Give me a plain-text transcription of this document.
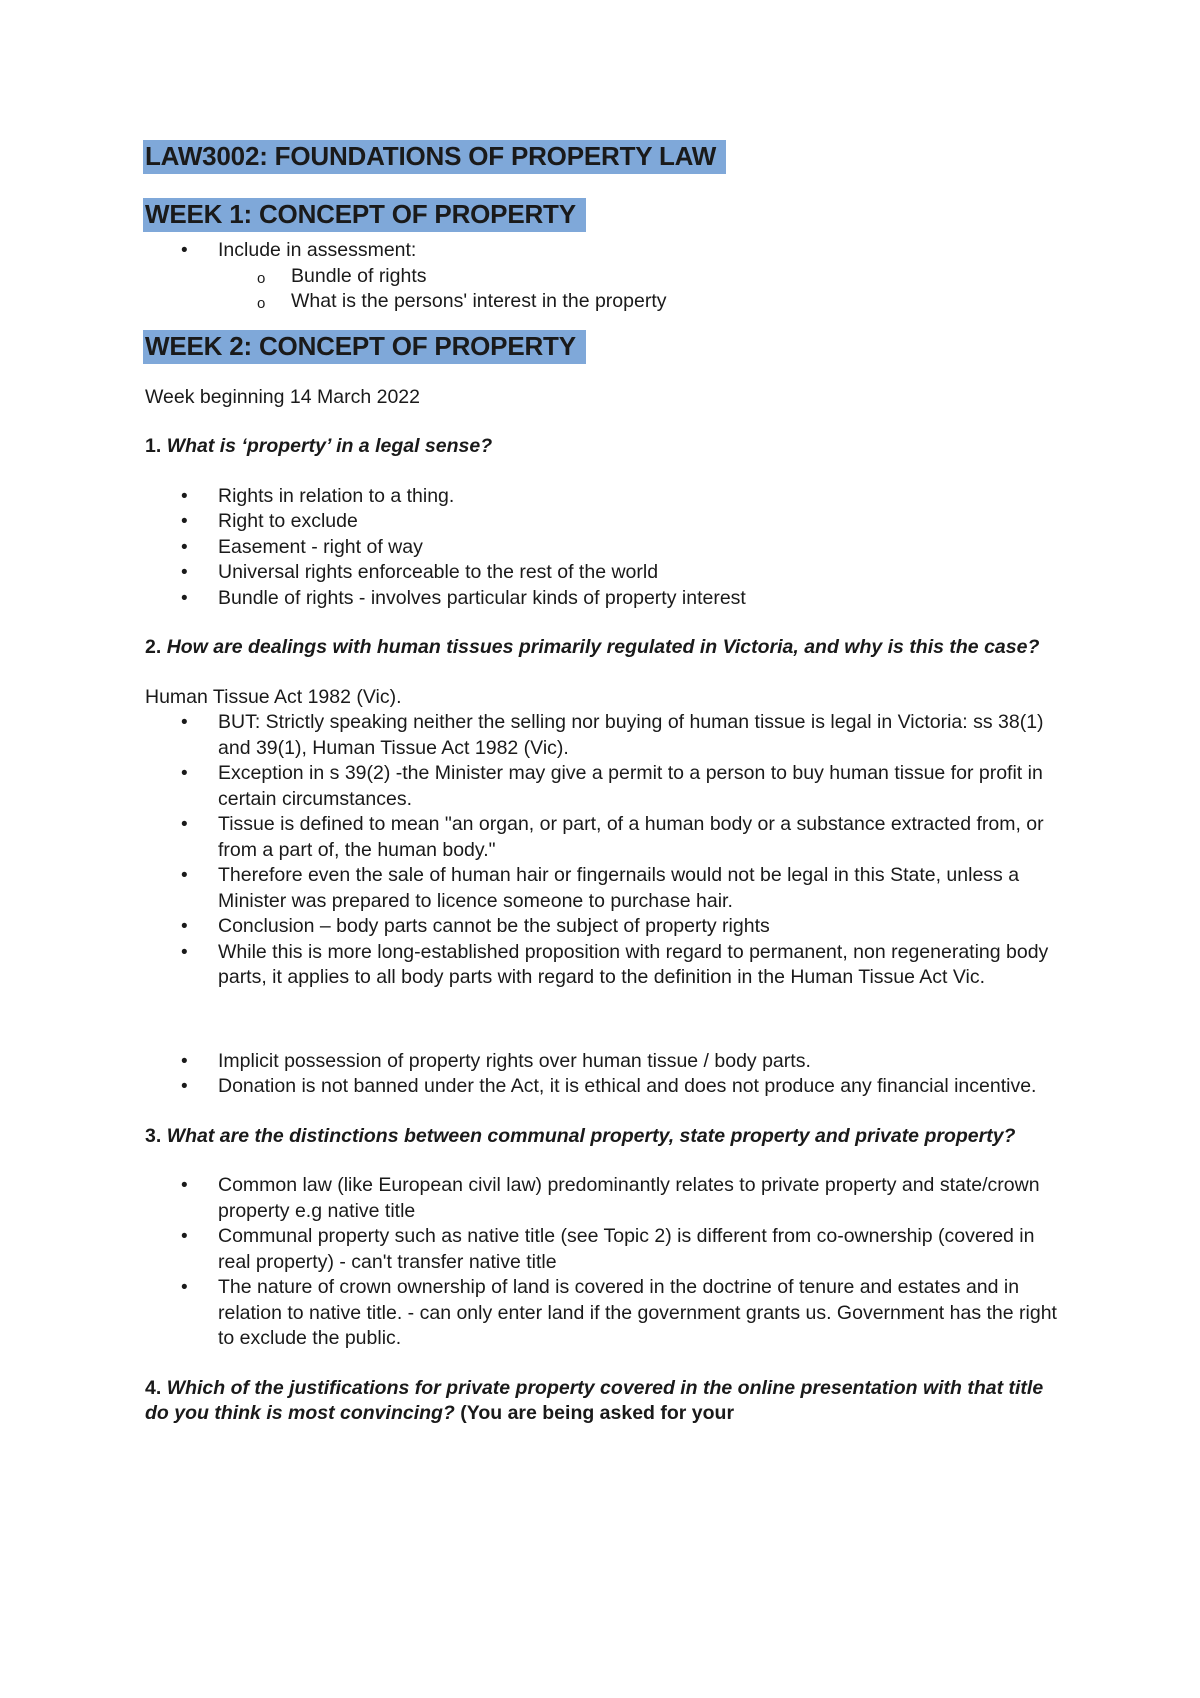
LAW3002: FOUNDATIONS OF PROPERTY LAW
WEEK 1: CONCEPT OF PROPERTY
• Include in assessment:
o Bundle of rights
o What is the persons' interest in the property
WEEK 2: CONCEPT OF PROPERTY

Week beginning 14 March 2022

1. What is ‘property’ in a legal sense?

• Rights in relation to a thing.
• Right to exclude
• Easement - right of way
• Universal rights enforceable to the rest of the world
• Bundle of rights - involves particular kinds of property interest

2. How are dealings with human tissues primarily regulated in Victoria, and why is this the case?

Human Tissue Act 1982 (Vic).

• BUT: Strictly speaking neither the selling nor buying of human tissue is legal in Victoria: ss 38(1) and 39(1), Human Tissue Act 1982 (Vic).
• Exception in s 39(2) -the Minister may give a permit to a person to buy human tissue for profit in certain circumstances.
• Tissue is defined to mean "an organ, or part, of a human body or a substance extracted from, or from a part of, the human body."
• Therefore even the sale of human hair or fingernails would not be legal in this State, unless a Minister was prepared to licence someone to purchase hair.
• Conclusion – body parts cannot be the subject of property rights
• While this is more long-established proposition with regard to permanent, non regenerating body parts, it applies to all body parts with regard to the definition in the Human Tissue Act Vic.
• Implicit possession of property rights over human tissue / body parts.
• Donation is not banned under the Act, it is ethical and does not produce any financial incentive.

3. What are the distinctions between communal property, state property and private property?

• Common law (like European civil law) predominantly relates to private property and state/crown property e.g native title
• Communal property such as native title (see Topic 2) is different from co-ownership (covered in real property) - can't transfer native title
• The nature of crown ownership of land is covered in the doctrine of tenure and estates and in relation to native title. - can only enter land if the government grants us. Government has the right to exclude the public.

4. Which of the justifications for private property covered in the online presentation with that title do you think is most convincing? (You are being asked for your
